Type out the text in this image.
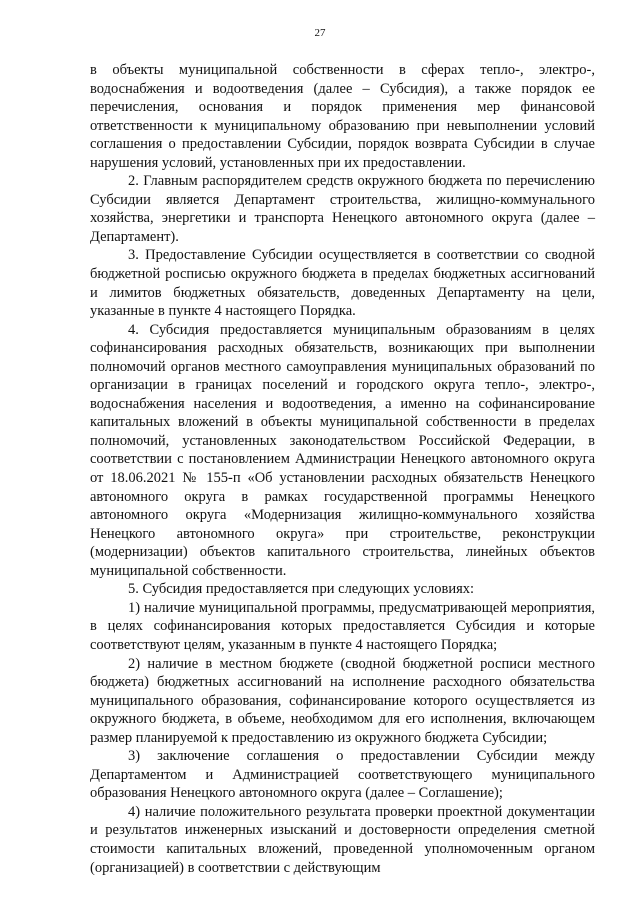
27

в объекты муниципальной собственности в сферах тепло-, электро-, водоснабжения и водоотведения (далее – Субсидия), а также порядок ее перечисления, основания и порядок применения мер финансовой ответственности к муниципальному образованию при невыполнении условий соглашения о предоставлении Субсидии, порядок возврата Субсидии в случае нарушения условий, установленных при их предоставлении.

2. Главным распорядителем средств окружного бюджета по перечислению Субсидии является Департамент строительства, жилищно-коммунального хозяйства, энергетики и транспорта Ненецкого автономного округа (далее – Департамент).

3. Предоставление Субсидии осуществляется в соответствии со сводной бюджетной росписью окружного бюджета в пределах бюджетных ассигнований и лимитов бюджетных обязательств, доведенных Департаменту на цели, указанные в пункте 4 настоящего Порядка.

4. Субсидия предоставляется муниципальным образованиям в целях софинансирования расходных обязательств, возникающих при выполнении полномочий органов местного самоуправления муниципальных образований по организации в границах поселений и городского округа тепло-, электро-, водоснабжения населения и водоотведения, а именно на софинансирование капитальных вложений в объекты муниципальной собственности в пределах полномочий, установленных законодательством Российской Федерации, в соответствии с постановлением Администрации Ненецкого автономного округа от 18.06.2021 № 155-п «Об установлении расходных обязательств Ненецкого автономного округа в рамках государственной программы Ненецкого автономного округа «Модернизация жилищно-коммунального хозяйства Ненецкого автономного округа» при строительстве, реконструкции (модернизации) объектов капитального строительства, линейных объектов муниципальной собственности.

5. Субсидия предоставляется при следующих условиях:

1) наличие муниципальной программы, предусматривающей мероприятия, в целях софинансирования которых предоставляется Субсидия и которые соответствуют целям, указанным в пункте 4 настоящего Порядка;

2) наличие в местном бюджете (сводной бюджетной росписи местного бюджета) бюджетных ассигнований на исполнение расходного обязательства муниципального образования, софинансирование которого осуществляется из окружного бюджета, в объеме, необходимом для его исполнения, включающем размер планируемой к предоставлению из окружного бюджета Субсидии;

3) заключение соглашения о предоставлении Субсидии между Департаментом и Администрацией соответствующего муниципального образования Ненецкого автономного округа (далее – Соглашение);

4) наличие положительного результата проверки проектной документации и результатов инженерных изысканий и достоверности определения сметной стоимости капитальных вложений, проведенной уполномоченным органом (организацией) в соответствии с действующим
